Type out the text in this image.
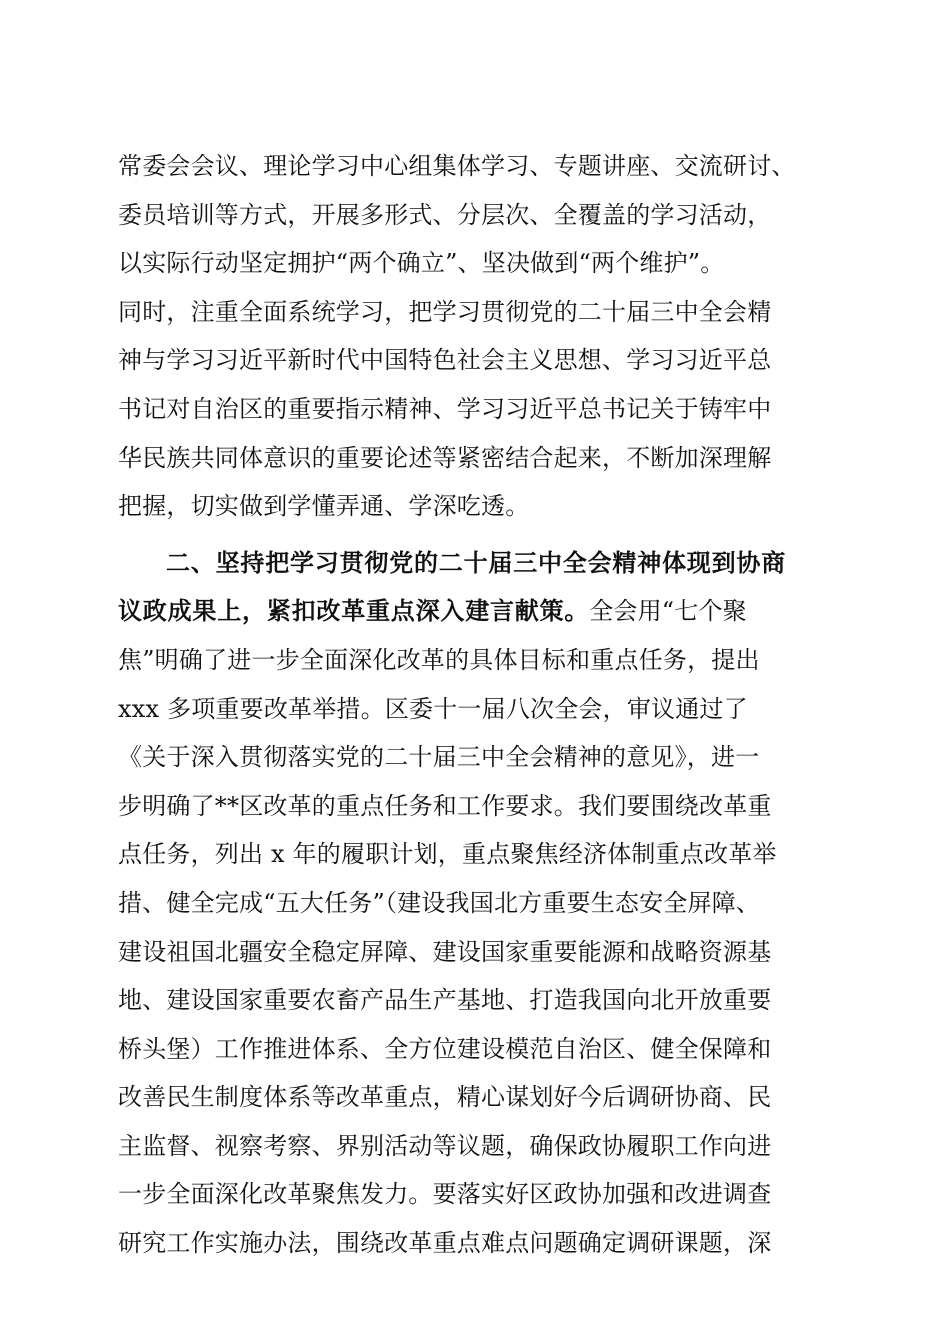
常委会会议、理论学习中心组集体学习、专题讲座、交流研讨、
委员培训等方式，开展多形式、分层次、全覆盖的学习活动，
以实际行动坚定拥护“两个确立”、坚决做到“两个维护”。
同时，注重全面系统学习，把学习贯彻党的二十届三中全会精
神与学习习近平新时代中国特色社会主义思想、学习习近平总
书记对自治区的重要指示精神、学习习近平总书记关于铸牢中
华民族共同体意识的重要论述等紧密结合起来，不断加深理解
把握，切实做到学懂弄通、学深吃透。
二、坚持把学习贯彻党的二十届三中全会精神体现到协商
议政成果上，紧扣改革重点深入建言献策。全会用“七个聚
焦”明确了进一步全面深化改革的具体目标和重点任务，提出
xxx 多项重要改革举措。区委十一届八次全会，审议通过了
《关于深入贯彻落实党的二十届三中全会精神的意见》，进一
步明确了**区改革的重点任务和工作要求。我们要围绕改革重
点任务，列出 x 年的履职计划，重点聚焦经济体制重点改革举
措、健全完成“五大任务”（建设我国北方重要生态安全屏障、
建设祖国北疆安全稳定屏障、建设国家重要能源和战略资源基
地、建设国家重要农畜产品生产基地、打造我国向北开放重要
桥头堡）工作推进体系、全方位建设模范自治区、健全保障和
改善民生制度体系等改革重点，精心谋划好今后调研协商、民
主监督、视察考察、界别活动等议题，确保政协履职工作向进
一步全面深化改革聚焦发力。要落实好区政协加强和改进调查
研究工作实施办法，围绕改革重点难点问题确定调研课题，深
